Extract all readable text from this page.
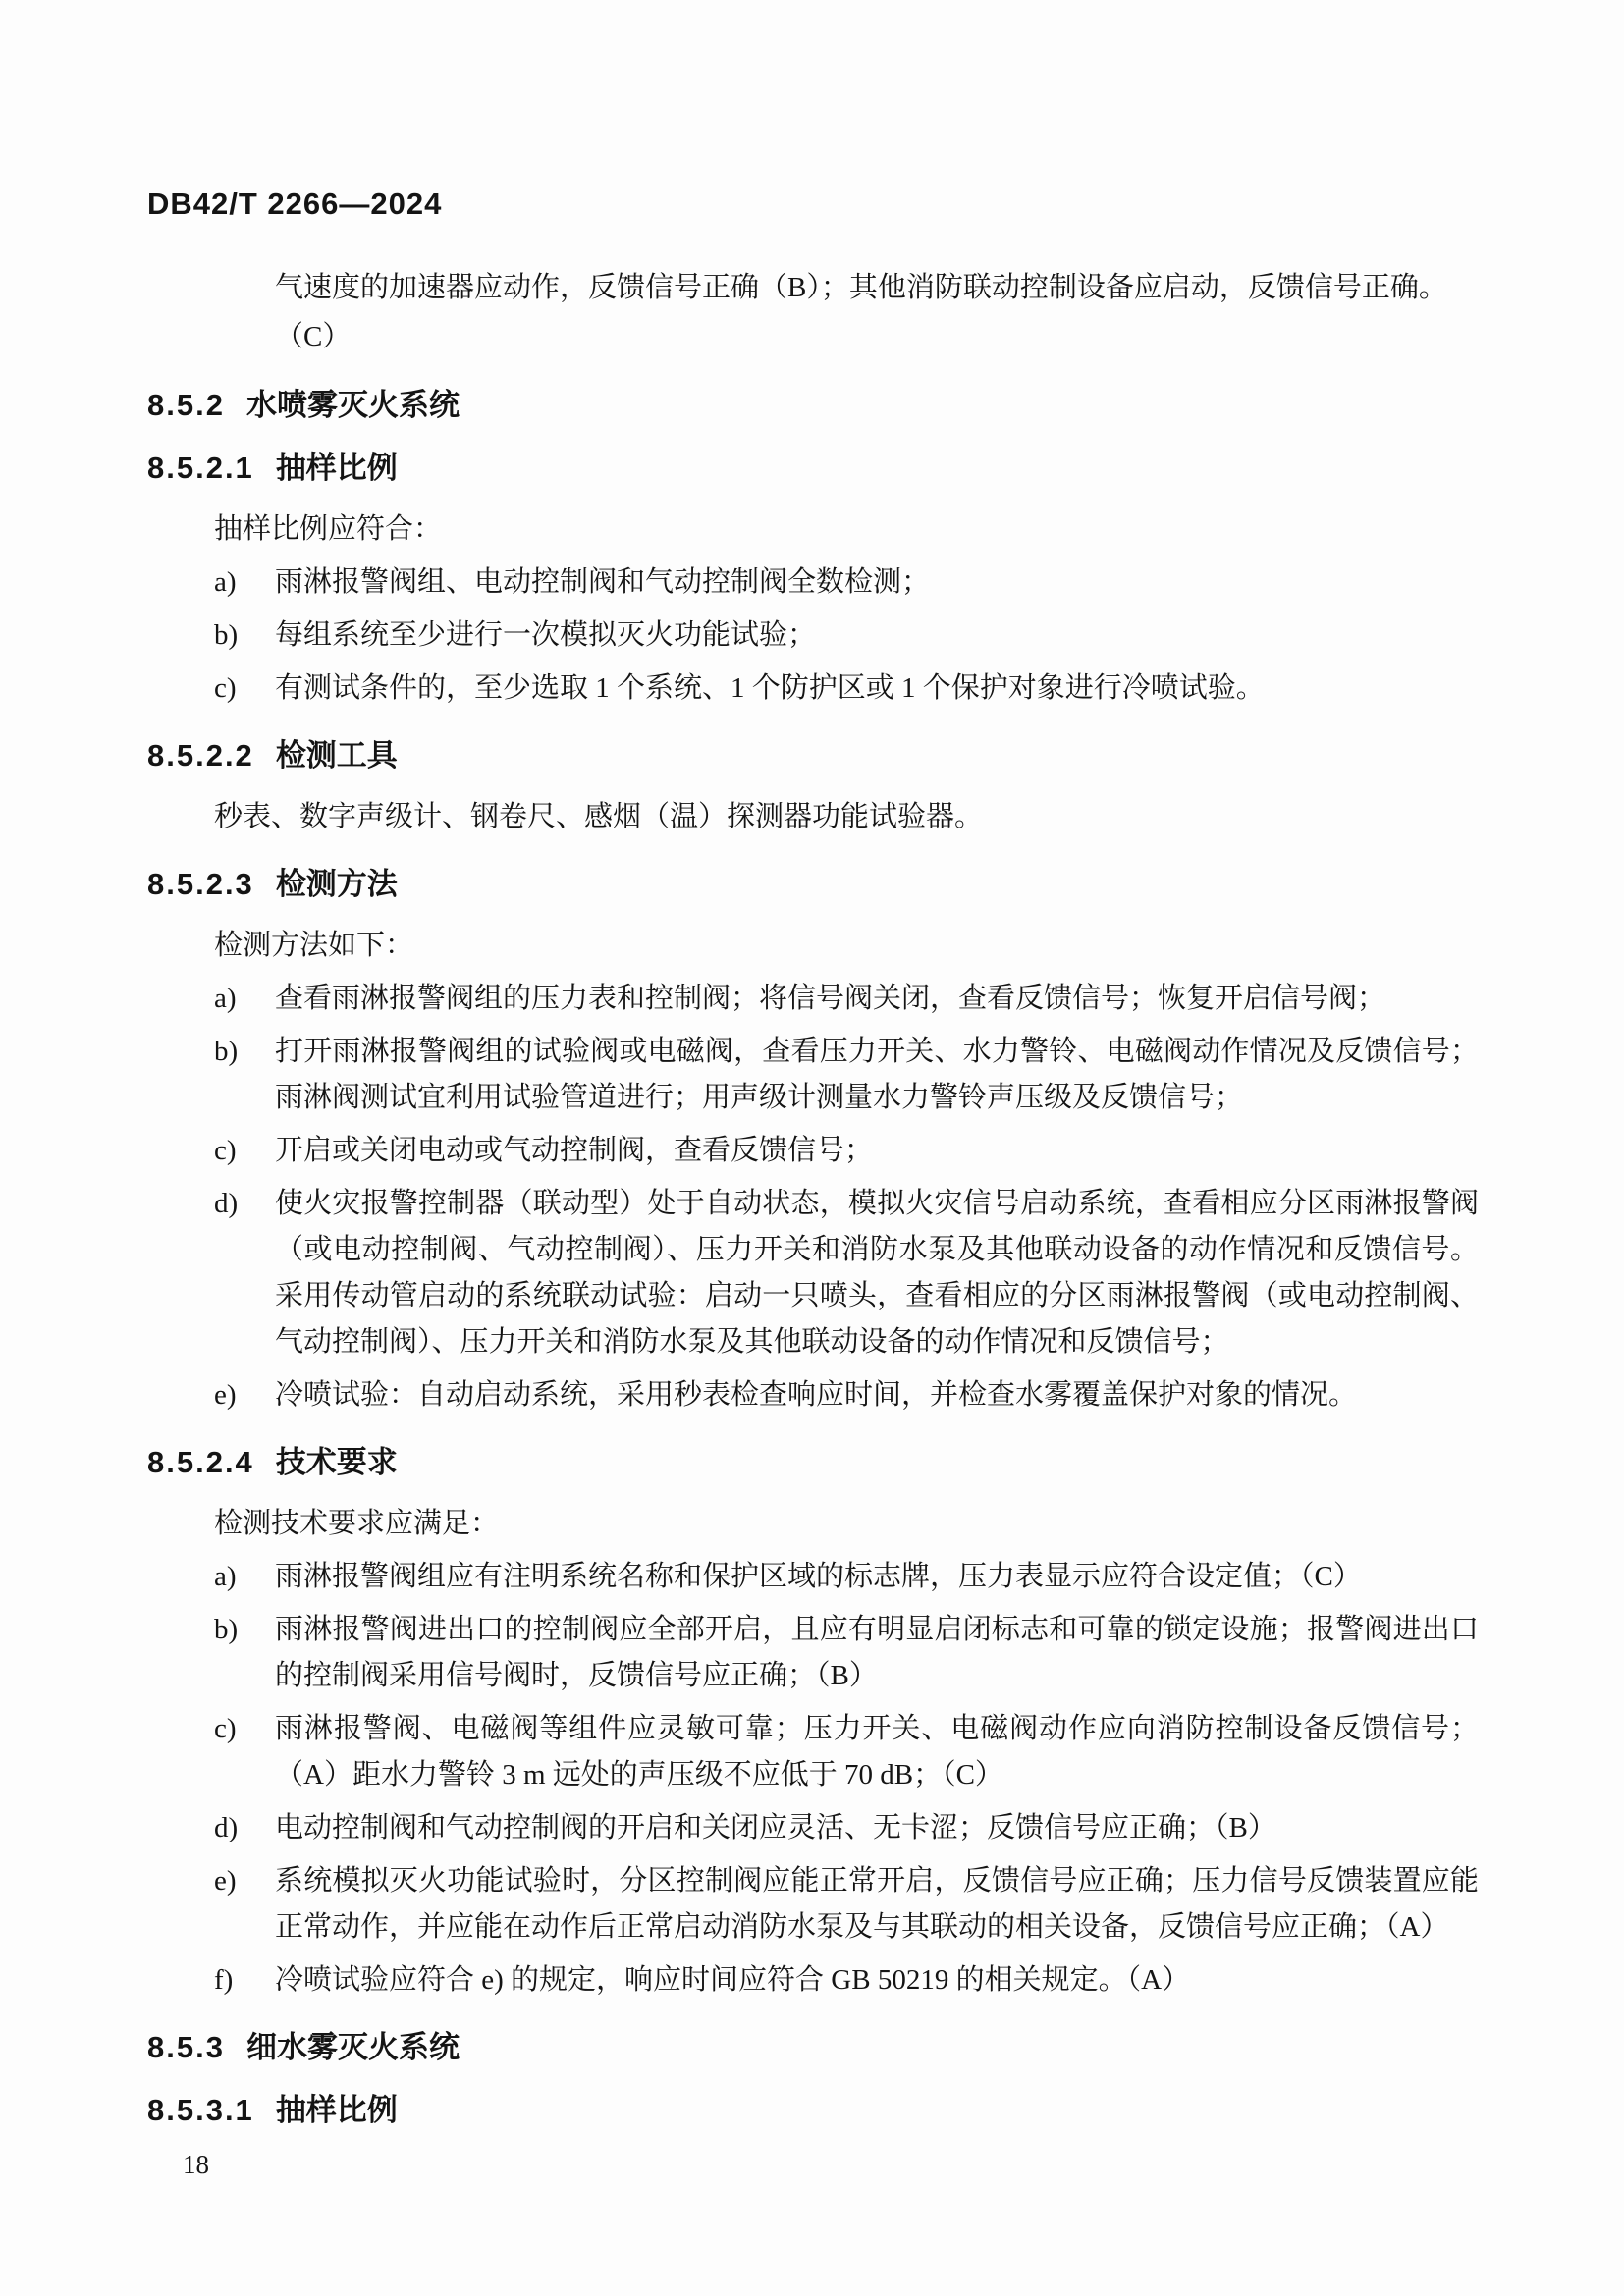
DB42/T 2266—2024
气速度的加速器应动作，反馈信号正确（B）；其他消防联动控制设备应启动，反馈信号正确。
（C）
8.5.2 水喷雾灭火系统
8.5.2.1 抽样比例
抽样比例应符合：
a)	雨淋报警阀组、电动控制阀和气动控制阀全数检测；
b)	每组系统至少进行一次模拟灭火功能试验；
c)	有测试条件的，至少选取 1 个系统、1 个防护区或 1 个保护对象进行冷喷试验。
8.5.2.2 检测工具
秒表、数字声级计、钢卷尺、感烟（温）探测器功能试验器。
8.5.2.3 检测方法
检测方法如下：
a)	查看雨淋报警阀组的压力表和控制阀；将信号阀关闭，查看反馈信号；恢复开启信号阀；
b)	打开雨淋报警阀组的试验阀或电磁阀，查看压力开关、水力警铃、电磁阀动作情况及反馈信号；雨淋阀测试宜利用试验管道进行；用声级计测量水力警铃声压级及反馈信号；
c)	开启或关闭电动或气动控制阀，查看反馈信号；
d)	使火灾报警控制器（联动型）处于自动状态，模拟火灾信号启动系统，查看相应分区雨淋报警阀（或电动控制阀、气动控制阀）、压力开关和消防水泵及其他联动设备的动作情况和反馈信号。采用传动管启动的系统联动试验：启动一只喷头，查看相应的分区雨淋报警阀（或电动控制阀、气动控制阀）、压力开关和消防水泵及其他联动设备的动作情况和反馈信号；
e)	冷喷试验：自动启动系统，采用秒表检查响应时间，并检查水雾覆盖保护对象的情况。
8.5.2.4 技术要求
检测技术要求应满足：
a)	雨淋报警阀组应有注明系统名称和保护区域的标志牌，压力表显示应符合设定值；（C）
b)	雨淋报警阀进出口的控制阀应全部开启，且应有明显启闭标志和可靠的锁定设施；报警阀进出口的控制阀采用信号阀时，反馈信号应正确；（B）
c)	雨淋报警阀、电磁阀等组件应灵敏可靠；压力开关、电磁阀动作应向消防控制设备反馈信号；（A）距水力警铃 3 m 远处的声压级不应低于 70 dB；（C）
d)	电动控制阀和气动控制阀的开启和关闭应灵活、无卡涩；反馈信号应正确；（B）
e)	系统模拟灭火功能试验时，分区控制阀应能正常开启，反馈信号应正确；压力信号反馈装置应能正常动作，并应能在动作后正常启动消防水泵及与其联动的相关设备，反馈信号应正确；（A）
f)	冷喷试验应符合 e) 的规定，响应时间应符合 GB 50219 的相关规定。（A）
8.5.3 细水雾灭火系统
8.5.3.1 抽样比例
18
